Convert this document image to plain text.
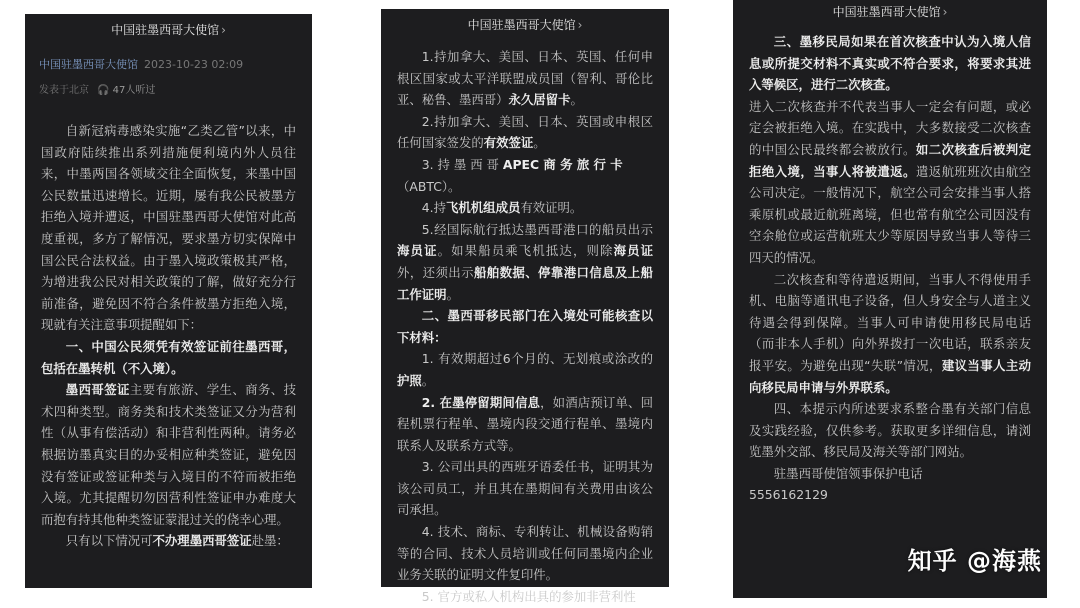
中国驻墨西哥大使馆 ›
中国驻墨西哥大使馆 2023-10-23 02:09
发表于北京 🎧 47人听过

自新冠病毒感染实施“乙类乙管”以来，中国政府陆续推出系列措施便利境内外人员往来，中墨两国各领域交往全面恢复，来墨中国公民数量迅速增长。近期，屡有我公民被墨方拒绝入境并遭返，中国驻墨西哥大使馆对此高度重视，多方了解情况，要求墨方切实保障中国公民合法权益。由于墨入境政策极其严格，为增进我公民对相关政策的了解，做好充分行前准备，避免因不符合条件被墨方拒绝入境，现就有关注意事项提醒如下：

一、中国公民须凭有效签证前往墨西哥，包括在墨转机（不入境）。

墨西哥签证主要有旅游、学生、商务、技术四种类型。商务类和技术类签证又分为营利性（从事有偿活动）和非营利性两种。请务必根据访墨真实目的办妥相应种类签证，避免因没有签证或签证种类与入境目的不符而被拒绝入境。尤其提醒切勿因营利性签证申办难度大而抱有持其他种类签证蒙混过关的侥幸心理。

只有以下情况可不办理墨西哥签证赴墨：

中国驻墨西哥大使馆 ›

1.持加拿大、美国、日本、英国、任何申根区国家或太平洋联盟成员国（智利、哥伦比亚、秘鲁、墨西哥）永久居留卡。

2.持加拿大、美国、日本、英国或申根区任何国家签发的有效签证。

3. 持 墨 西 哥 APEC 商 务 旅 行 卡
（ABTC）。

4.持飞机机组成员有效证明。

5.经国际航行抵达墨西哥港口的船员出示海员证。如果船员乘飞机抵达，则除海员证外，还须出示船舶数据、停靠港口信息及上船工作证明。

二、墨西哥移民部门在入境处可能核查以下材料：

1. 有效期超过6个月的、无划痕或涂改的护照。

2. 在墨停留期间信息，如酒店预订单、回程机票行程单、墨境内段交通行程单、墨境内联系人及联系方式等。

3. 公司出具的西班牙语委任书，证明其为该公司员工，并且其在墨期间有关费用由该公司承担。

4. 技术、商标、专利转让、机械设备购销等的合同、技术人员培训或任何同墨境内企业业务关联的证明文件复印件。

5. 官方或私人机构出具的参加非营利性

中国驻墨西哥大使馆 ›

三、墨移民局如果在首次核查中认为入境人信息或所提交材料不真实或不符合要求，将要求其进入等候区，进行二次核查。

进入二次核查并不代表当事人一定会有问题，或必定会被拒绝入境。在实践中，大多数接受二次核查的中国公民最终都会被放行。如二次核查后被判定拒绝入境，当事人将被遣返。遣返航班班次由航空公司决定。一般情况下，航空公司会安排当事人搭乘原机或最近航班离境，但也常有航空公司因没有空余舱位或运营航班太少等原因导致当事人等待三四天的情况。

二次核查和等待遣返期间，当事人不得使用手机、电脑等通讯电子设备，但人身安全与人道主义待遇会得到保障。当事人可申请使用移民局电话（而非本人手机）向外界拨打一次电话，联系亲友报平安。为避免出现“失联”情况，建议当事人主动向移民局申请与外界联系。

四、本提示内所述要求系整合墨有关部门信息及实践经验，仅供参考。获取更多详细信息，请浏览墨外交部、移民局及海关等部门网站。

驻墨西哥使馆领事保护电话

5556162129

知乎 @海燕
